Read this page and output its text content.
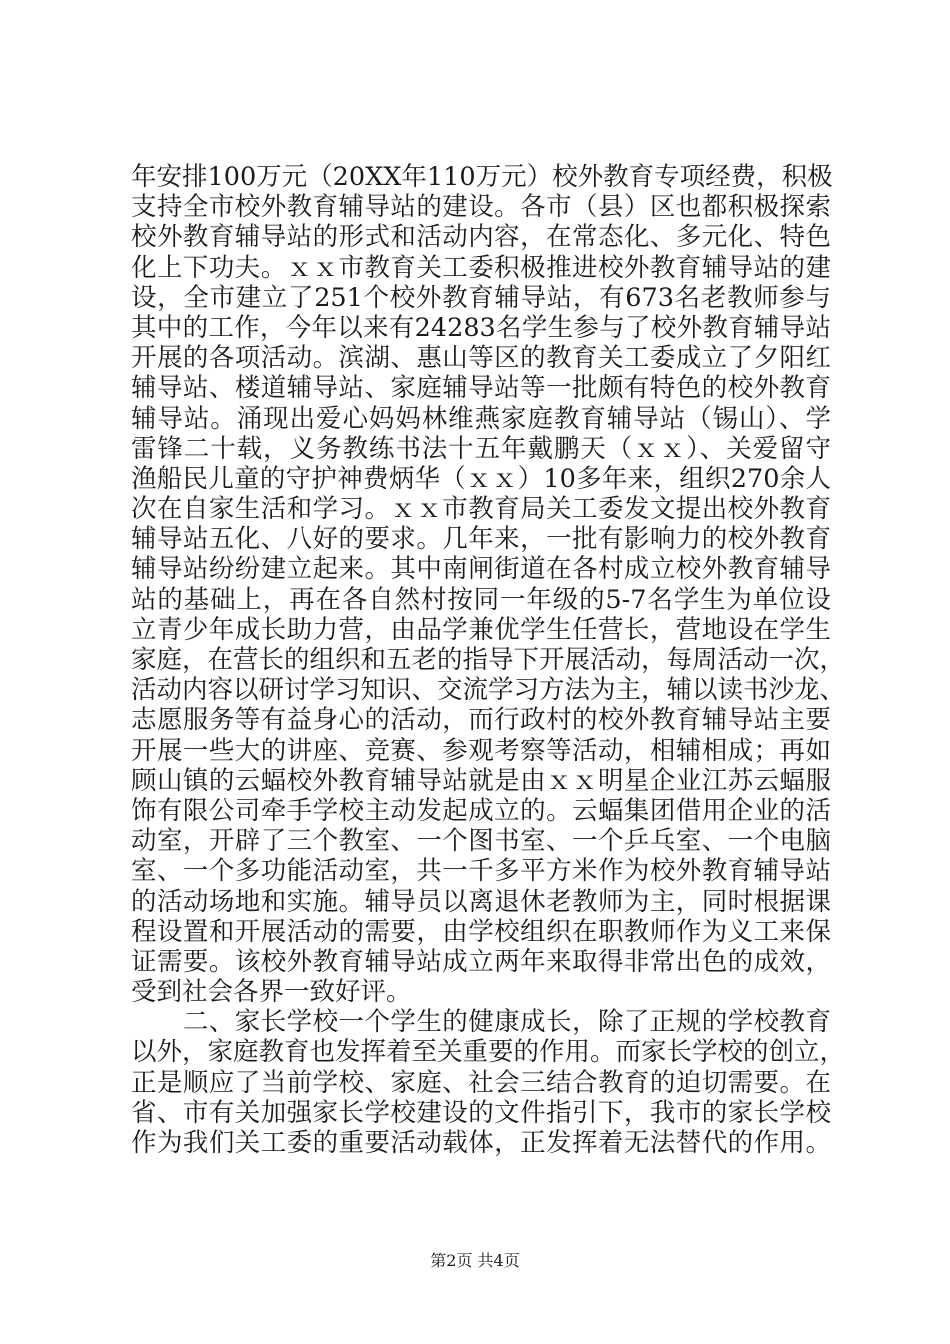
年安排100万元（20XX年110万元）校外教育专项经费，积极
支持全市校外教育辅导站的建设。各市（县）区也都积极探索
校外教育辅导站的形式和活动内容，在常态化、多元化、特色
化上下功夫。ｘｘ市教育关工委积极推进校外教育辅导站的建
设，全市建立了251个校外教育辅导站，有673名老教师参与
其中的工作，今年以来有24283名学生参与了校外教育辅导站
开展的各项活动。滨湖、惠山等区的教育关工委成立了夕阳红
辅导站、楼道辅导站、家庭辅导站等一批颇有特色的校外教育
辅导站。涌现出爱心妈妈林维燕家庭教育辅导站（锡山）、学
雷锋二十载，义务教练书法十五年戴鹏天（ｘｘ）、关爱留守
渔船民儿童的守护神费炳华（ｘｘ）10多年来，组织270余人
次在自家生活和学习。ｘｘ市教育局关工委发文提出校外教育
辅导站五化、八好的要求。几年来，一批有影响力的校外教育
辅导站纷纷建立起来。其中南闸街道在各村成立校外教育辅导
站的基础上，再在各自然村按同一年级的5-7名学生为单位设
立青少年成长助力营，由品学兼优学生任营长，营地设在学生
家庭，在营长的组织和五老的指导下开展活动，每周活动一次，
活动内容以研讨学习知识、交流学习方法为主，辅以读书沙龙、
志愿服务等有益身心的活动，而行政村的校外教育辅导站主要
开展一些大的讲座、竞赛、参观考察等活动，相辅相成；再如
顾山镇的云蝠校外教育辅导站就是由ｘｘ明星企业江苏云蝠服
饰有限公司牵手学校主动发起成立的。云蝠集团借用企业的活
动室，开辟了三个教室、一个图书室、一个乒乓室、一个电脑
室、一个多功能活动室，共一千多平方米作为校外教育辅导站
的活动场地和实施。辅导员以离退休老教师为主，同时根据课
程设置和开展活动的需要，由学校组织在职教师作为义工来保
证需要。该校外教育辅导站成立两年来取得非常出色的成效，
受到社会各界一致好评。
　　二、家长学校一个学生的健康成长，除了正规的学校教育
以外，家庭教育也发挥着至关重要的作用。而家长学校的创立，
正是顺应了当前学校、家庭、社会三结合教育的迫切需要。在
省、市有关加强家长学校建设的文件指引下，我市的家长学校
作为我们关工委的重要活动载体，正发挥着无法替代的作用。
第2页 共4页
